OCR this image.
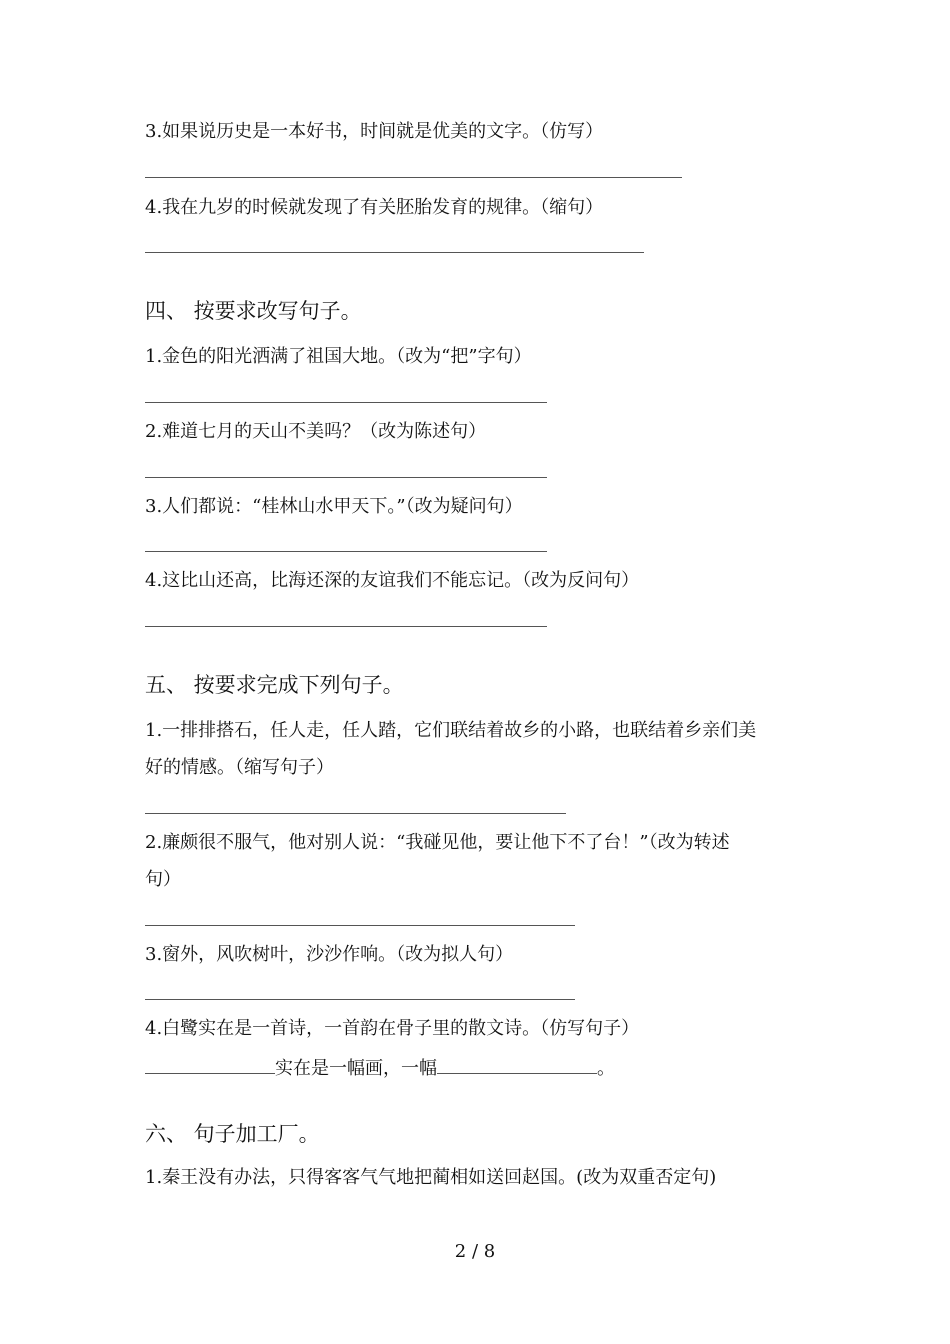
3.如果说历史是一本好书，时间就是优美的文字。（仿写）
4.我在九岁的时候就发现了有关胚胎发育的规律。（缩句）
四、 按要求改写句子。
1.金色的阳光洒满了祖国大地。（改为“把”字句）
2.难道七月的天山不美吗？（改为陈述句）
3.人们都说：“桂林山水甲天下。”（改为疑问句）
4.这比山还高，比海还深的友谊我们不能忘记。（改为反问句）
五、 按要求完成下列句子。
1.一排排搭石，任人走，任人踏，它们联结着故乡的小路，也联结着乡亲们美
好的情感。（缩写句子）
2.廉颇很不服气，他对别人说：“我碰见他，要让他下不了台！”（改为转述
句）
3.窗外，风吹树叶，沙沙作响。（改为拟人句）
4.白鹭实在是一首诗，一首韵在骨子里的散文诗。（仿写句子）
实在是一幅画，一幅	。
六、 句子加工厂。
1.秦王没有办法，只得客客气气地把蔺相如送回赵国。(改为双重否定句)
2 / 8
